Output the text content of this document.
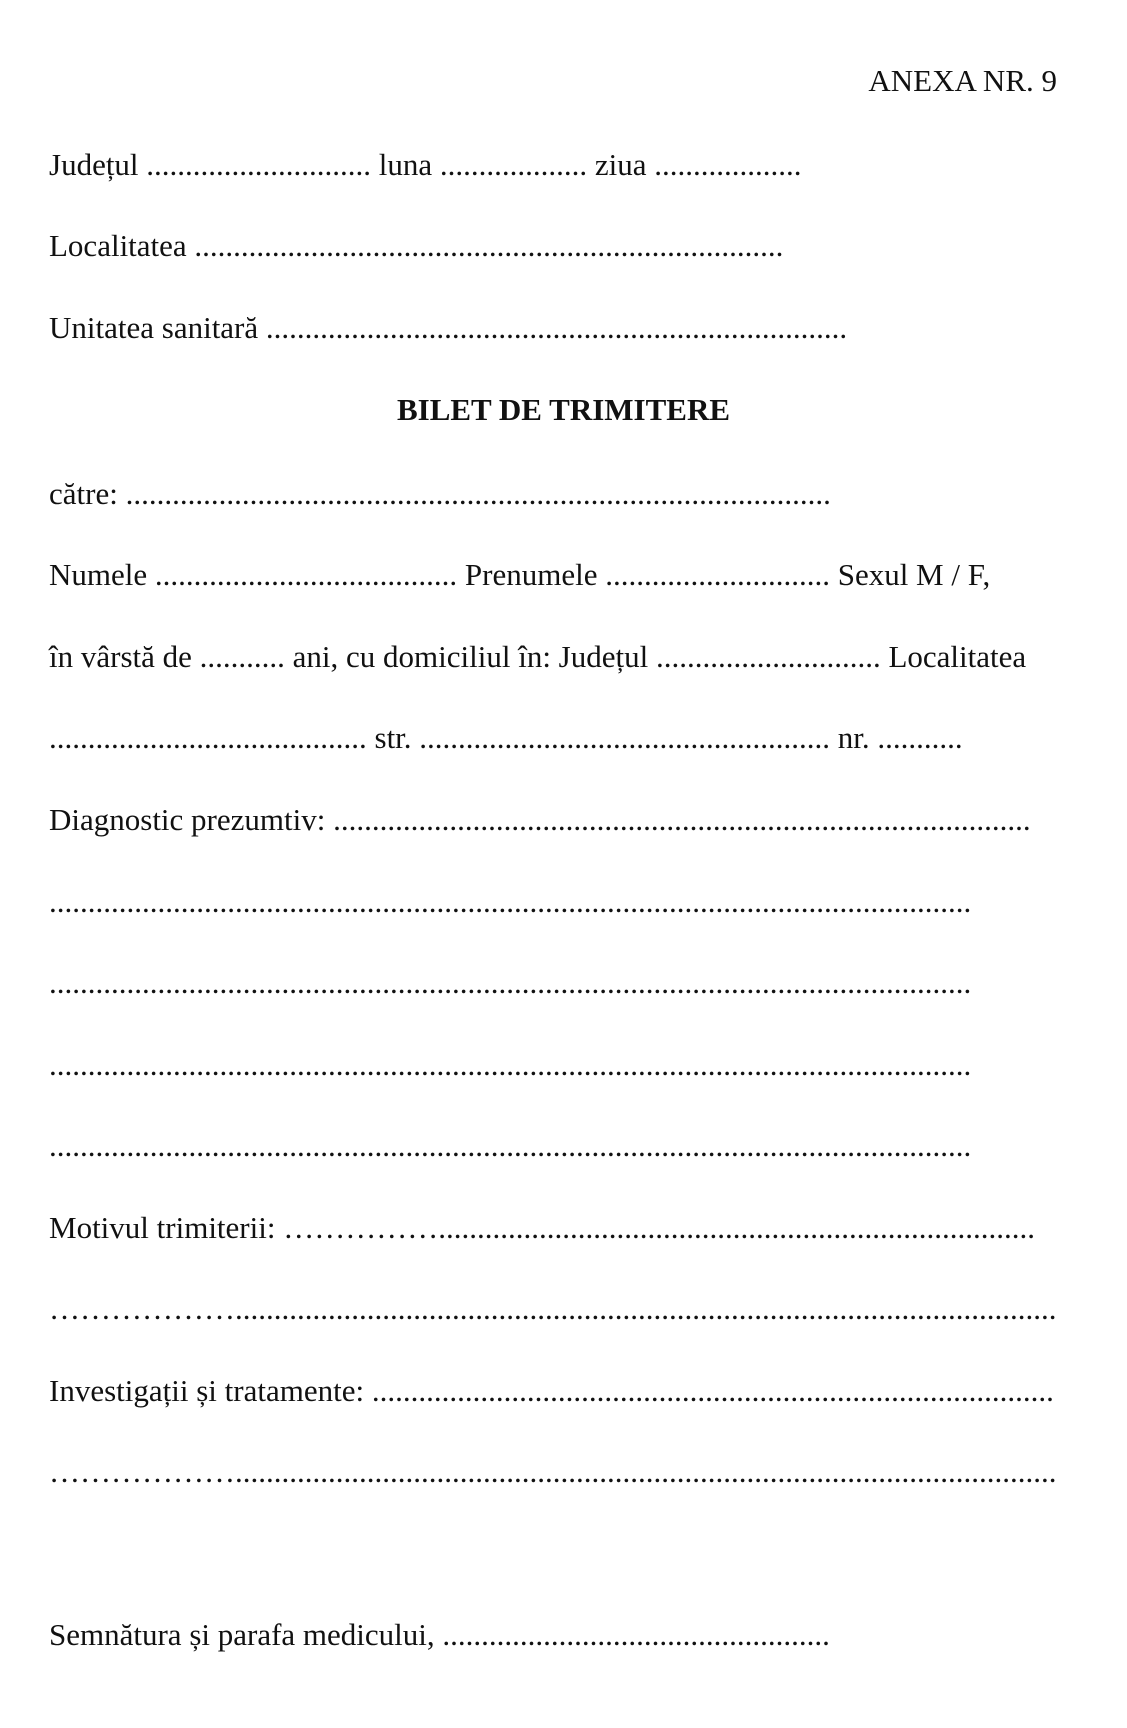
ANEXA NR. 9
Județul ............................. luna ................... ziua ...................
Localitatea ............................................................................
Unitatea sanitară ...........................................................................
BILET DE TRIMITERE
către: ...........................................................................................
Numele ....................................... Prenumele ............................. Sexul M / F,
în vârstă de ........... ani, cu domiciliul în: Județul ............................. Localitatea
......................................... str. ..................................................... nr. ...........
Diagnostic prezumtiv: ..........................................................................................
.......................................................................................................................
.......................................................................................................................
.......................................................................................................................
.......................................................................................................................
Motivul trimiterii: …………….............................................................................
………………..........................................................................................................
Investigații și tratamente: ........................................................................................
………………..........................................................................................................
Semnătura și parafa medicului, ..................................................
